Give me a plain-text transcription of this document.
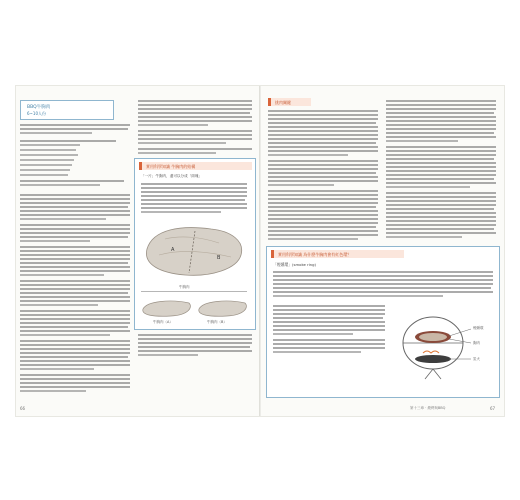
BBQ牛胸肉
6~10人份
實用科學知識 牛胸肉的結構
「一片」牛胸肉，還可以分成「兩塊」
A
B
牛胸肉
牛胸肉（A）	牛胸肉（B）
66
挑肉關鍵
實用科學知識 為什麼牛胸肉會有紅色環？
「煙燻環」(smoke ring)
煙燻環
胸肉
炭火
第十三章 · 燒烤與BBQ	67
